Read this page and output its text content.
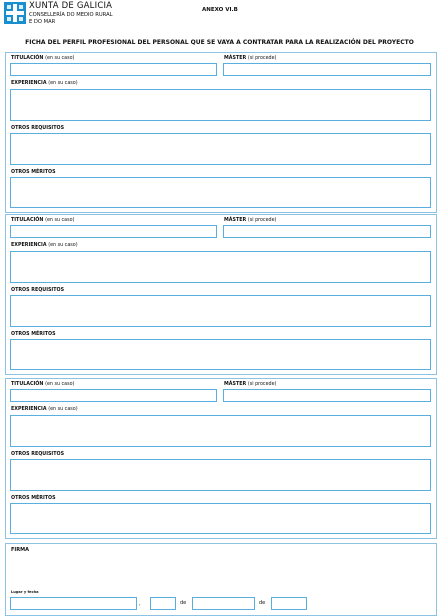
XUNTA DE GALICIA
CONSELLERÍA DO MEDIO RURAL
E DO MAR
ANEXO VI.B
FICHA DEL PERFIL PROFESIONAL DEL PERSONAL QUE SE VAYA A CONTRATAR PARA LA REALIZACIÓN DEL PROYECTO
TITULACIÓN (en su caso)	MÁSTER (si procede)
EXPERIENCIA (en su caso)
OTROS REQUISITOS
OTROS MÉRITOS
TITULACIÓN (en su caso)	MÁSTER (si procede)
EXPERIENCIA (en su caso)
OTROS REQUISITOS
OTROS MÉRITOS
TITULACIÓN (en su caso)	MÁSTER (si procede)
EXPERIENCIA (en su caso)
OTROS REQUISITOS
OTROS MÉRITOS
FIRMA
Lugar y fecha
,	de	de
